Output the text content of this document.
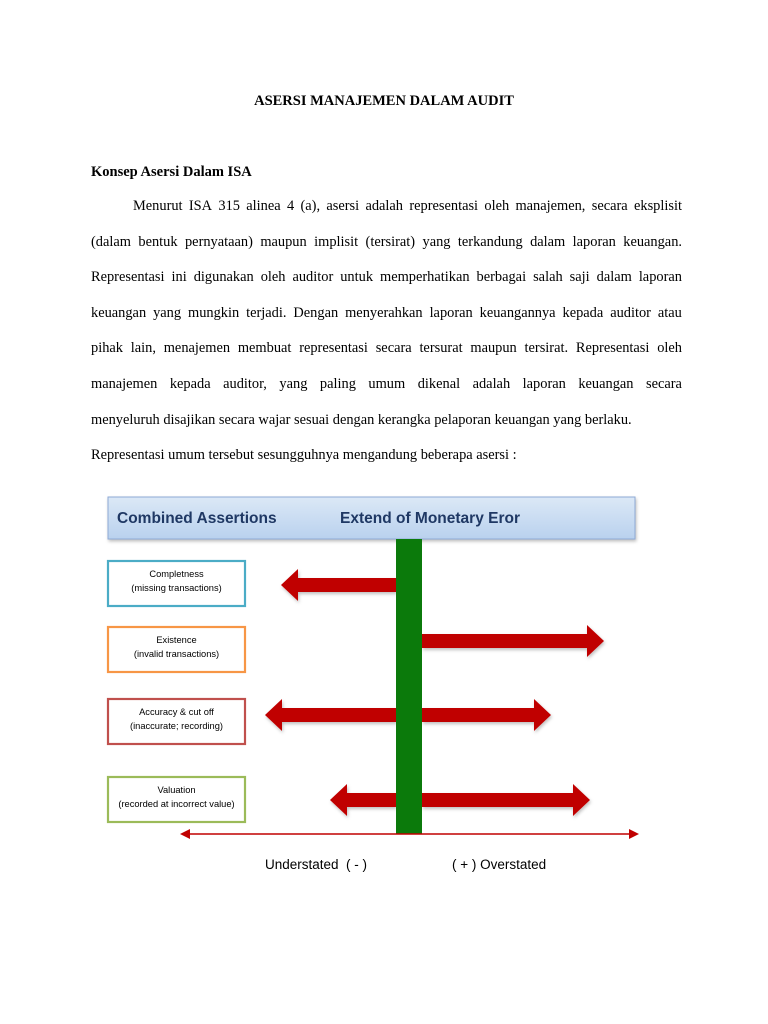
ASERSI MANAJEMEN DALAM AUDIT
Konsep Asersi Dalam ISA
Menurut ISA 315 alinea 4 (a), asersi adalah representasi oleh manajemen, secara eksplisit
(dalam bentuk pernyataan) maupun implisit (tersirat) yang terkandung dalam laporan keuangan.
Representasi ini digunakan oleh auditor untuk memperhatikan berbagai salah saji dalam laporan
keuangan yang mungkin terjadi. Dengan menyerahkan laporan keuangannya kepada auditor atau
pihak lain, menajemen membuat representasi secara tersurat maupun tersirat. Representasi oleh
manajemen kepada auditor, yang paling umum dikenal adalah laporan keuangan secara
menyeluruh disajikan secara wajar sesuai dengan kerangka pelaporan keuangan yang berlaku.
Representasi umum tersebut sesungguhnya mengandung beberapa asersi :
Combined Assertions	Extend of Monetary Eror
Completness
(missing transactions)
Existence
(invalid transactions)
Accuracy & cut off
(inaccurate; recording)
Valuation
(recorded at incorrect value)
Understated  ( - )	( + ) Overstated
